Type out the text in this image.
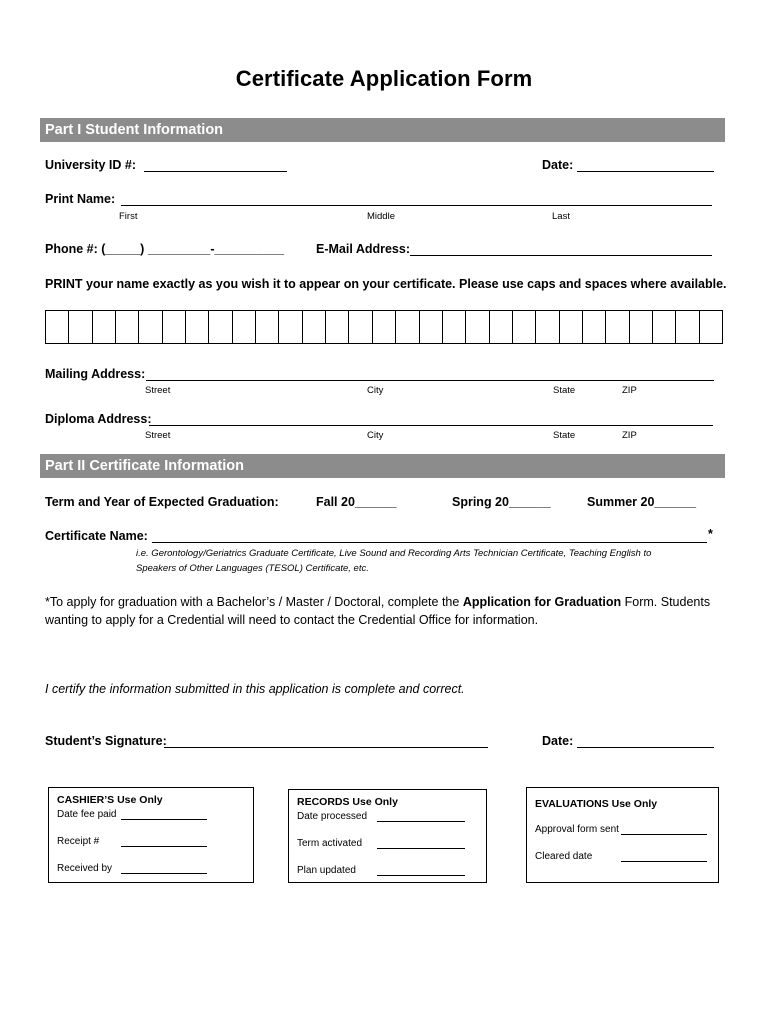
Certificate Application Form
Part I Student Information
University ID #:	Date:
Print Name:
First	Middle	Last
Phone #: (_____) _________-__________	E-Mail Address:
PRINT your name exactly as you wish it to appear on your certificate. Please use caps and spaces where available.
Mailing Address:
Street	City	State	ZIP
Diploma Address:
Street	City	State	ZIP
Part II Certificate Information
Term and Year of Expected Graduation:	Fall 20______	Spring 20______	Summer 20______
Certificate Name:	*
i.e. Gerontology/Geriatrics Graduate Certificate, Live Sound and Recording Arts Technician Certificate, Teaching English to
Speakers of Other Languages (TESOL) Certificate, etc.
*To apply for graduation with a Bachelor’s / Master / Doctoral, complete the Application for Graduation Form. Students wanting to apply for a Credential will need to contact the Credential Office for information.
I certify the information submitted in this application is complete and correct.
Student’s Signature:	Date:
CASHIER’S Use Only
Date fee paid
Receipt #
Received by
RECORDS Use Only
Date processed
Term activated
Plan updated
EVALUATIONS Use Only
Approval form sent
Cleared date
